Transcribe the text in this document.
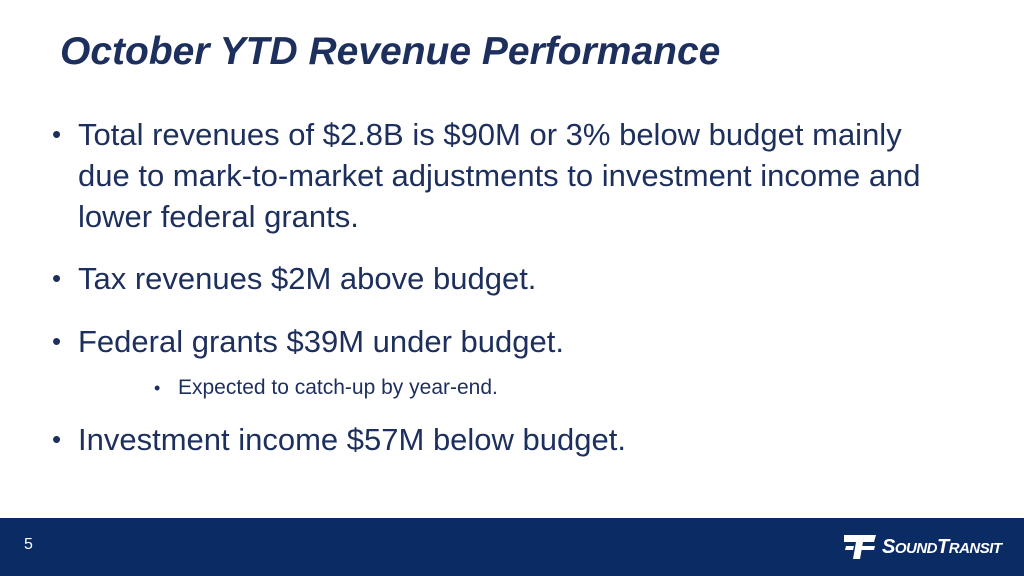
October YTD Revenue Performance
• Total revenues of $2.8B is $90M or 3% below budget mainly due to mark-to-market adjustments to investment income and lower federal grants.
• Tax revenues $2M above budget.
• Federal grants $39M under budget.
• Expected to catch-up by year-end.
• Investment income $57M below budget.
5	SOUNDTRANSIT
